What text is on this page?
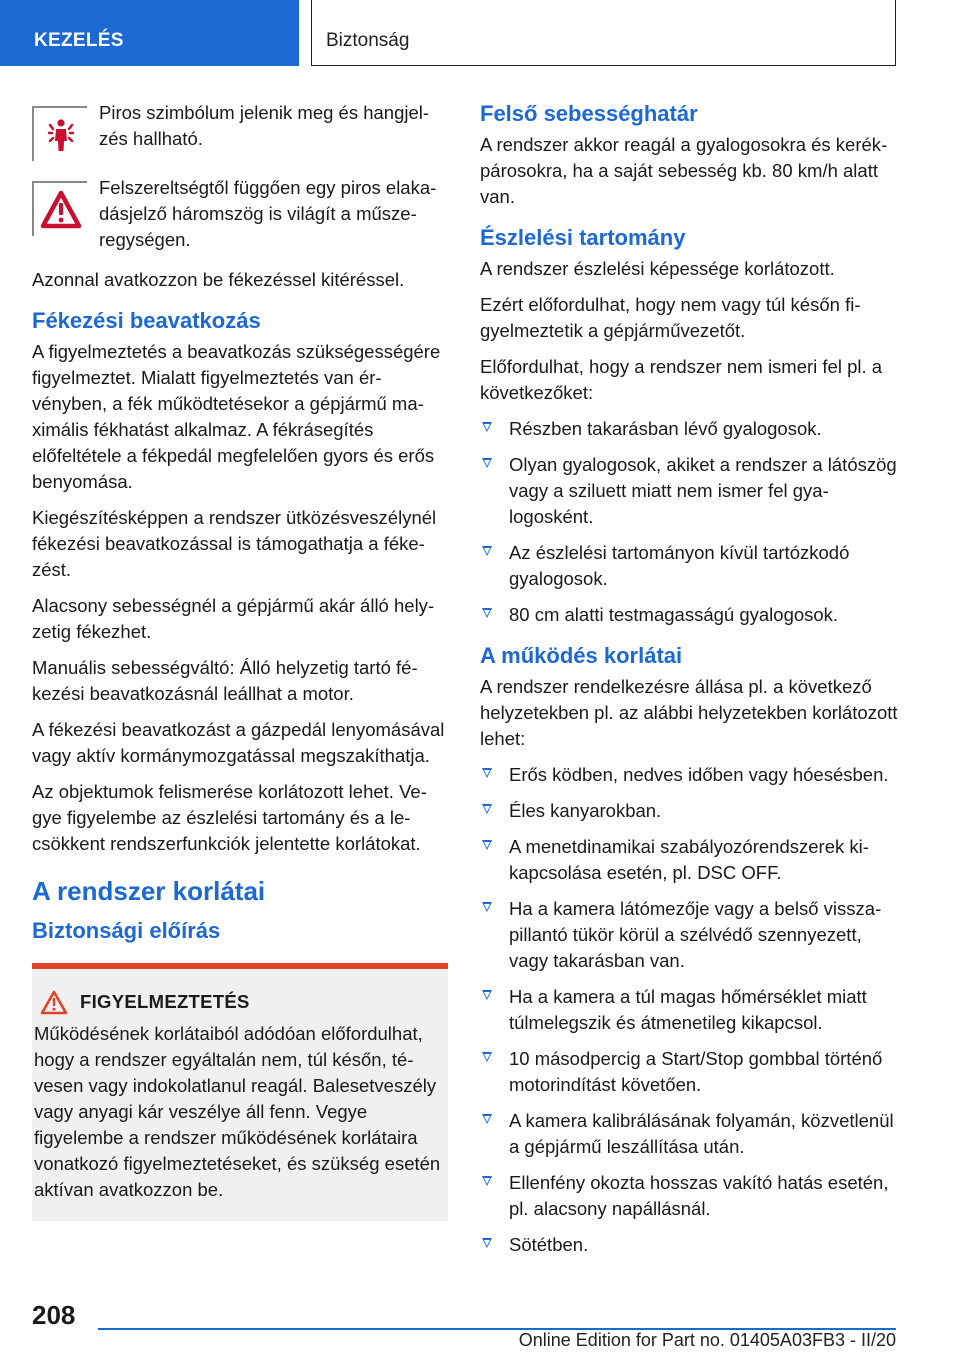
KEZELÉS	Biztonság

Piros szimbólum jelenik meg és hangjelzés hallható.

Felszereltségtől függően egy piros elakadásjelző háromszög is világít a műszeregységen.

Azonnal avatkozzon be fékezéssel kitéréssel.

Fékezési beavatkozás

A figyelmeztetés a beavatkozás szükségességére figyelmeztet. Mialatt figyelmeztetés van érvényben, a fék működtetésekor a gépjármű maximális fékhatást alkalmaz. A fékrásegítés előfeltétele a fékpedál megfelelően gyors és erős benyomása.

Kiegészítésképpen a rendszer ütközésveszélynél fékezési beavatkozással is támogathatja a fékezést.

Alacsony sebességnél a gépjármű akár álló helyzetig fékezhet.

Manuális sebességváltó: Álló helyzetig tartó fékezési beavatkozásnál leállhat a motor.

A fékezési beavatkozást a gázpedál lenyomásával vagy aktív kormánymozgatással megszakíthatja.

Az objektumok felismerése korlátozott lehet. Vegye figyelembe az észlelési tartomány és a lecsökkent rendszerfunkciók jelentette korlátokat.

A rendszer korlátai
Biztonsági előírás
FIGYELMEZTETÉS

Működésének korlátaiból adódóan előfordulhat, hogy a rendszer egyáltalán nem, túl későn, tévesen vagy indokolatlanul reagál. Balesetveszély vagy anyagi kár veszélye áll fenn. Vegye figyelembe a rendszer működésének korlátaira vonatkozó figyelmeztetéseket, és szükség esetén aktívan avatkozzon be.

Felső sebességhatár

A rendszer akkor reagál a gyalogosokra és kerékpárosokra, ha a saját sebesség kb. 80 km/h alatt van.

Észlelési tartomány

A rendszer észlelési képessége korlátozott.

Ezért előfordulhat, hogy nem vagy túl későn figyelmeztetik a gépjárművezetőt.

Előfordulhat, hogy a rendszer nem ismeri fel pl. a következőket:

Részben takarásban lévő gyalogosok.
Olyan gyalogosok, akiket a rendszer a látószög vagy a sziluett miatt nem ismer fel gyalogosként.
Az észlelési tartományon kívül tartózkodó gyalogosok.
80 cm alatti testmagasságú gyalogosok.
A működés korlátai

A rendszer rendelkezésre állása pl. a következő helyzetekben pl. az alábbi helyzetekben korlátozott lehet:

Erős ködben, nedves időben vagy hóesésben.
Éles kanyarokban.
A menetdinamikai szabályozórendszerek kikapcsolása esetén, pl. DSC OFF.
Ha a kamera látómezője vagy a belső visszapillantó tükör körül a szélvédő szennyezett, vagy takarásban van.
Ha a kamera a túl magas hőmérséklet miatt túlmelegszik és átmenetileg kikapcsol.
10 másodpercig a Start/Stop gombbal történő motorindítást követően.
A kamera kalibrálásának folyamán, közvetlenül a gépjármű leszállítása után.
Ellenfény okozta hosszas vakító hatás esetén, pl. alacsony napállásnál.
Sötétben.
208
Online Edition for Part no. 01405A03FB3 - II/20
